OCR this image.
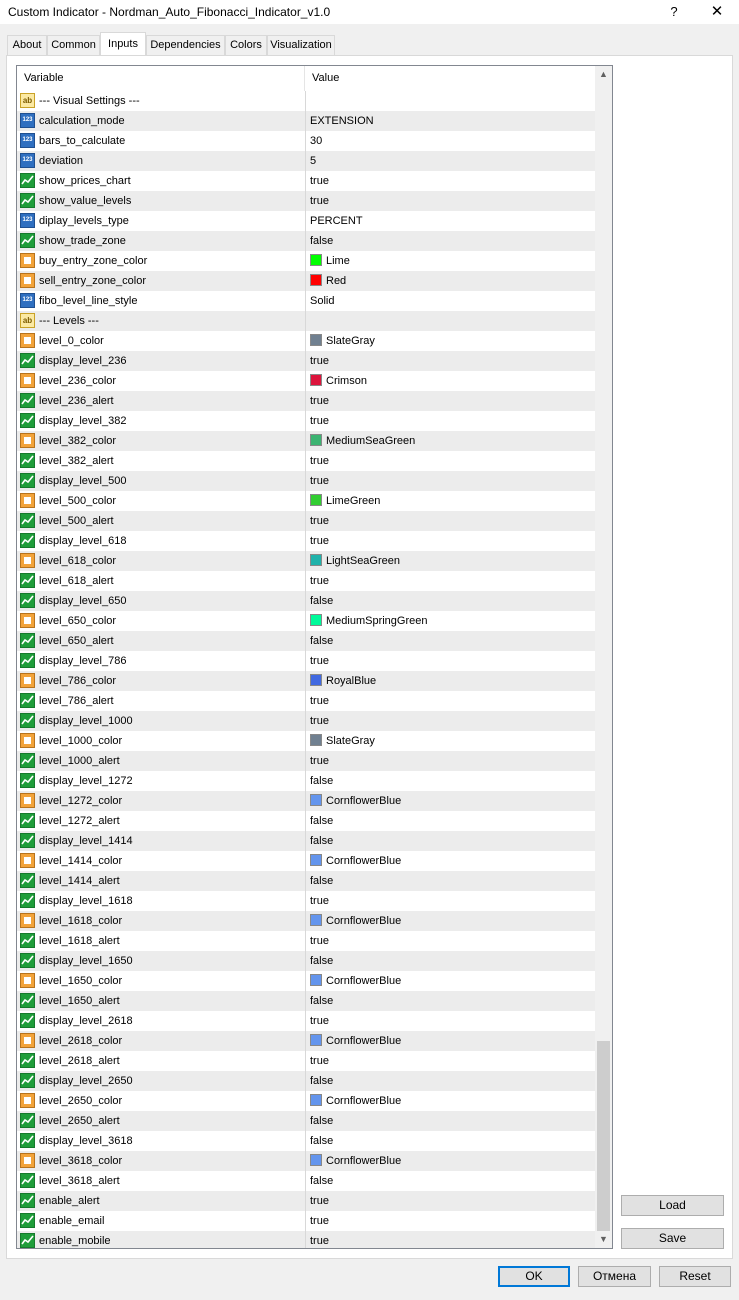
Custom Indicator - Nordman_Auto_Fibonacci_Indicator_v1.0	?	✕
About Common	Inputs	Dependencies Colors Visualization
Variable	Value
ab --- Visual Settings ---
123 calculation_mode	EXTENSION
123 bars_to_calculate	30
123 deviation	5
show_prices_chart	true
show_value_levels	true
123 diplay_levels_type	PERCENT
show_trade_zone	false
buy_entry_zone_color	Lime
sell_entry_zone_color	Red
123 fibo_level_line_style	Solid
ab --- Levels ---
level_0_color	SlateGray
display_level_236	true
level_236_color	Crimson
level_236_alert	true
display_level_382	true
level_382_color	MediumSeaGreen
level_382_alert	true
display_level_500	true
level_500_color	LimeGreen
level_500_alert	true
display_level_618	true
level_618_color	LightSeaGreen
level_618_alert	true
display_level_650	false
level_650_color	MediumSpringGreen
level_650_alert	false
display_level_786	true
level_786_color	RoyalBlue
level_786_alert	true
display_level_1000	true
level_1000_color	SlateGray
level_1000_alert	true
display_level_1272	false
level_1272_color	CornflowerBlue
level_1272_alert	false
display_level_1414	false
level_1414_color	CornflowerBlue
level_1414_alert	false
display_level_1618	true
level_1618_color	CornflowerBlue
level_1618_alert	true
display_level_1650	false
level_1650_color	CornflowerBlue
level_1650_alert	false
display_level_2618	true
level_2618_color	CornflowerBlue
level_2618_alert	true
display_level_2650	false
level_2650_color	CornflowerBlue
level_2650_alert	false
display_level_3618	false
level_3618_color	CornflowerBlue
level_3618_alert	false
enable_alert	true
enable_email	true
enable_mobile	true
▲
▼
Load
Save
OK	Отмена	Reset
